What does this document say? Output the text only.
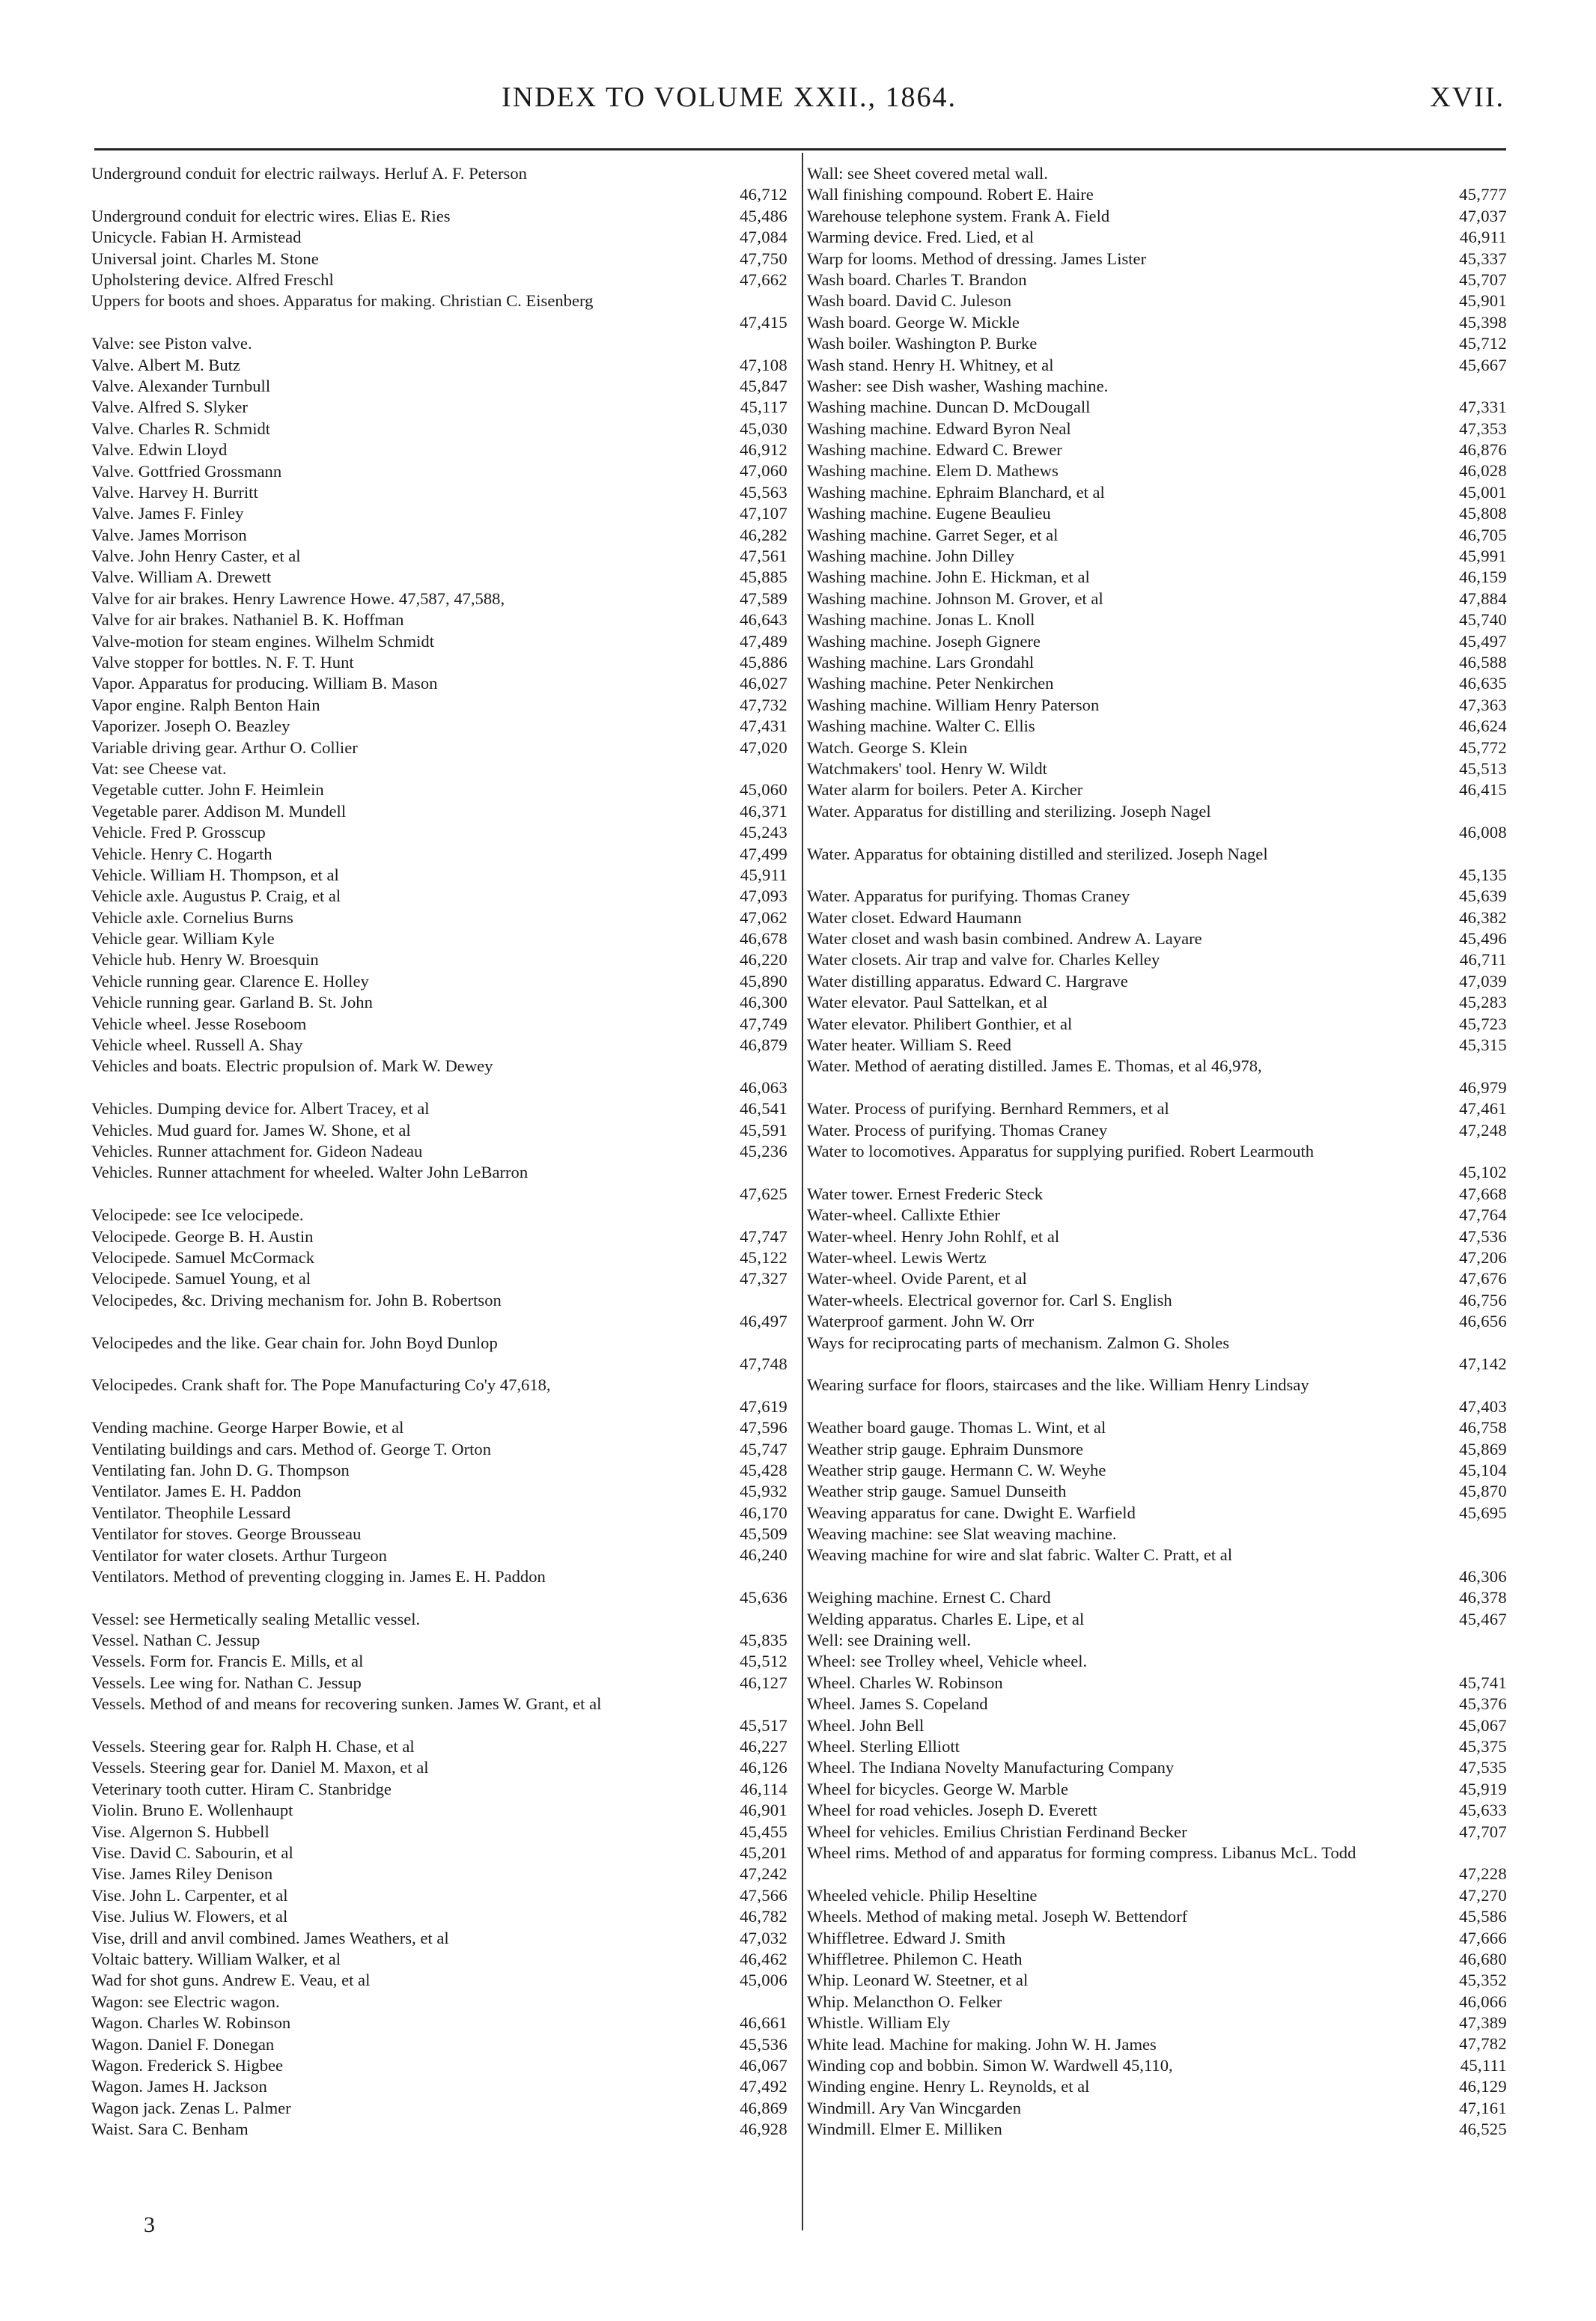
INDEX TO VOLUME XXII., 1864.	XVII.
Underground conduit for electric railways. Herluf A. F. Peterson
46,712
Underground conduit for electric wires. Elias E. Ries	45,486
Unicycle. Fabian H. Armistead	47,084
Universal joint. Charles M. Stone	47,750
Upholstering device. Alfred Freschl	47,662
Uppers for boots and shoes. Apparatus for making. Christian C. Eisenberg
47,415
Valve: see Piston valve.
Valve. Albert M. Butz	47,108
Valve. Alexander Turnbull	45,847
Valve. Alfred S. Slyker	45,117
Valve. Charles R. Schmidt	45,030
Valve. Edwin Lloyd	46,912
Valve. Gottfried Grossmann	47,060
Valve. Harvey H. Burritt	45,563
Valve. James F. Finley	47,107
Valve. James Morrison	46,282
Valve. John Henry Caster, et al	47,561
Valve. William A. Drewett	45,885
Valve for air brakes. Henry Lawrence Howe. 47,587, 47,588,	47,589
Valve for air brakes. Nathaniel B. K. Hoffman	46,643
Valve-motion for steam engines. Wilhelm Schmidt	47,489
Valve stopper for bottles. N. F. T. Hunt	45,886
Vapor. Apparatus for producing. William B. Mason	46,027
Vapor engine. Ralph Benton Hain	47,732
Vaporizer. Joseph O. Beazley	47,431
Variable driving gear. Arthur O. Collier	47,020
Vat: see Cheese vat.
Vegetable cutter. John F. Heimlein	45,060
Vegetable parer. Addison M. Mundell	46,371
Vehicle. Fred P. Grosscup	45,243
Vehicle. Henry C. Hogarth	47,499
Vehicle. William H. Thompson, et al	45,911
Vehicle axle. Augustus P. Craig, et al	47,093
Vehicle axle. Cornelius Burns	47,062
Vehicle gear. William Kyle	46,678
Vehicle hub. Henry W. Broesquin	46,220
Vehicle running gear. Clarence E. Holley	45,890
Vehicle running gear. Garland B. St. John	46,300
Vehicle wheel. Jesse Roseboom	47,749
Vehicle wheel. Russell A. Shay	46,879
Vehicles and boats. Electric propulsion of. Mark W. Dewey
46,063
Vehicles. Dumping device for. Albert Tracey, et al	46,541
Vehicles. Mud guard for. James W. Shone, et al	45,591
Vehicles. Runner attachment for. Gideon Nadeau	45,236
Vehicles. Runner attachment for wheeled. Walter John LeBarron
47,625
Velocipede: see Ice velocipede.
Velocipede. George B. H. Austin	47,747
Velocipede. Samuel McCormack	45,122
Velocipede. Samuel Young, et al	47,327
Velocipedes, &c. Driving mechanism for. John B. Robertson
46,497
Velocipedes and the like. Gear chain for. John Boyd Dunlop
47,748
Velocipedes. Crank shaft for. The Pope Manufacturing Co'y 47,618,
47,619
Vending machine. George Harper Bowie, et al	47,596
Ventilating buildings and cars. Method of. George T. Orton	45,747
Ventilating fan. John D. G. Thompson	45,428
Ventilator. James E. H. Paddon	45,932
Ventilator. Theophile Lessard	46,170
Ventilator for stoves. George Brousseau	45,509
Ventilator for water closets. Arthur Turgeon	46,240
Ventilators. Method of preventing clogging in. James E. H. Paddon
45,636
Vessel: see Hermetically sealing Metallic vessel.
Vessel. Nathan C. Jessup	45,835
Vessels. Form for. Francis E. Mills, et al	45,512
Vessels. Lee wing for. Nathan C. Jessup	46,127
Vessels. Method of and means for recovering sunken. James W. Grant, et al
45,517
Vessels. Steering gear for. Ralph H. Chase, et al	46,227
Vessels. Steering gear for. Daniel M. Maxon, et al	46,126
Veterinary tooth cutter. Hiram C. Stanbridge	46,114
Violin. Bruno E. Wollenhaupt	46,901
Vise. Algernon S. Hubbell	45,455
Vise. David C. Sabourin, et al	45,201
Vise. James Riley Denison	47,242
Vise. John L. Carpenter, et al	47,566
Vise. Julius W. Flowers, et al	46,782
Vise, drill and anvil combined. James Weathers, et al	47,032
Voltaic battery. William Walker, et al	46,462
Wad for shot guns. Andrew E. Veau, et al	45,006
Wagon: see Electric wagon.
Wagon. Charles W. Robinson	46,661
Wagon. Daniel F. Donegan	45,536
Wagon. Frederick S. Higbee	46,067
Wagon. James H. Jackson	47,492
Wagon jack. Zenas L. Palmer	46,869
Waist. Sara C. Benham	46,928
Wall: see Sheet covered metal wall.
Wall finishing compound. Robert E. Haire	45,777
Warehouse telephone system. Frank A. Field	47,037
Warming device. Fred. Lied, et al	46,911
Warp for looms. Method of dressing. James Lister	45,337
Wash board. Charles T. Brandon	45,707
Wash board. David C. Juleson	45,901
Wash board. George W. Mickle	45,398
Wash boiler. Washington P. Burke	45,712
Wash stand. Henry H. Whitney, et al	45,667
Washer: see Dish washer, Washing machine.
Washing machine. Duncan D. McDougall	47,331
Washing machine. Edward Byron Neal	47,353
Washing machine. Edward C. Brewer	46,876
Washing machine. Elem D. Mathews	46,028
Washing machine. Ephraim Blanchard, et al	45,001
Washing machine. Eugene Beaulieu	45,808
Washing machine. Garret Seger, et al	46,705
Washing machine. John Dilley	45,991
Washing machine. John E. Hickman, et al	46,159
Washing machine. Johnson M. Grover, et al	47,884
Washing machine. Jonas L. Knoll	45,740
Washing machine. Joseph Gignere	45,497
Washing machine. Lars Grondahl	46,588
Washing machine. Peter Nenkirchen	46,635
Washing machine. William Henry Paterson	47,363
Washing machine. Walter C. Ellis	46,624
Watch. George S. Klein	45,772
Watchmakers' tool. Henry W. Wildt	45,513
Water alarm for boilers. Peter A. Kircher	46,415
Water. Apparatus for distilling and sterilizing. Joseph Nagel
46,008
Water. Apparatus for obtaining distilled and sterilized. Joseph Nagel
45,135
Water. Apparatus for purifying. Thomas Craney	45,639
Water closet. Edward Haumann	46,382
Water closet and wash basin combined. Andrew A. Layare	45,496
Water closets. Air trap and valve for. Charles Kelley	46,711
Water distilling apparatus. Edward C. Hargrave	47,039
Water elevator. Paul Sattelkan, et al	45,283
Water elevator. Philibert Gonthier, et al	45,723
Water heater. William S. Reed	45,315
Water. Method of aerating distilled. James E. Thomas, et al 46,978,
46,979
Water. Process of purifying. Bernhard Remmers, et al	47,461
Water. Process of purifying. Thomas Craney	47,248
Water to locomotives. Apparatus for supplying purified. Robert Learmouth
45,102
Water tower. Ernest Frederic Steck	47,668
Water-wheel. Callixte Ethier	47,764
Water-wheel. Henry John Rohlf, et al	47,536
Water-wheel. Lewis Wertz	47,206
Water-wheel. Ovide Parent, et al	47,676
Water-wheels. Electrical governor for. Carl S. English	46,756
Waterproof garment. John W. Orr	46,656
Ways for reciprocating parts of mechanism. Zalmon G. Sholes
47,142
Wearing surface for floors, staircases and the like. William Henry Lindsay
47,403
Weather board gauge. Thomas L. Wint, et al	46,758
Weather strip gauge. Ephraim Dunsmore	45,869
Weather strip gauge. Hermann C. W. Weyhe	45,104
Weather strip gauge. Samuel Dunseith	45,870
Weaving apparatus for cane. Dwight E. Warfield	45,695
Weaving machine: see Slat weaving machine.
Weaving machine for wire and slat fabric. Walter C. Pratt, et al
46,306
Weighing machine. Ernest C. Chard	46,378
Welding apparatus. Charles E. Lipe, et al	45,467
Well: see Draining well.
Wheel: see Trolley wheel, Vehicle wheel.
Wheel. Charles W. Robinson	45,741
Wheel. James S. Copeland	45,376
Wheel. John Bell	45,067
Wheel. Sterling Elliott	45,375
Wheel. The Indiana Novelty Manufacturing Company	47,535
Wheel for bicycles. George W. Marble	45,919
Wheel for road vehicles. Joseph D. Everett	45,633
Wheel for vehicles. Emilius Christian Ferdinand Becker	47,707
Wheel rims. Method of and apparatus for forming compress. Libanus McL. Todd
47,228
Wheeled vehicle. Philip Heseltine	47,270
Wheels. Method of making metal. Joseph W. Bettendorf	45,586
Whiffletree. Edward J. Smith	47,666
Whiffletree. Philemon C. Heath	46,680
Whip. Leonard W. Steetner, et al	45,352
Whip. Melancthon O. Felker	46,066
Whistle. William Ely	47,389
White lead. Machine for making. John W. H. James	47,782
Winding cop and bobbin. Simon W. Wardwell 45,110,	45,111
Winding engine. Henry L. Reynolds, et al	46,129
Windmill. Ary Van Wincgarden	47,161
Windmill. Elmer E. Milliken	46,525
3
